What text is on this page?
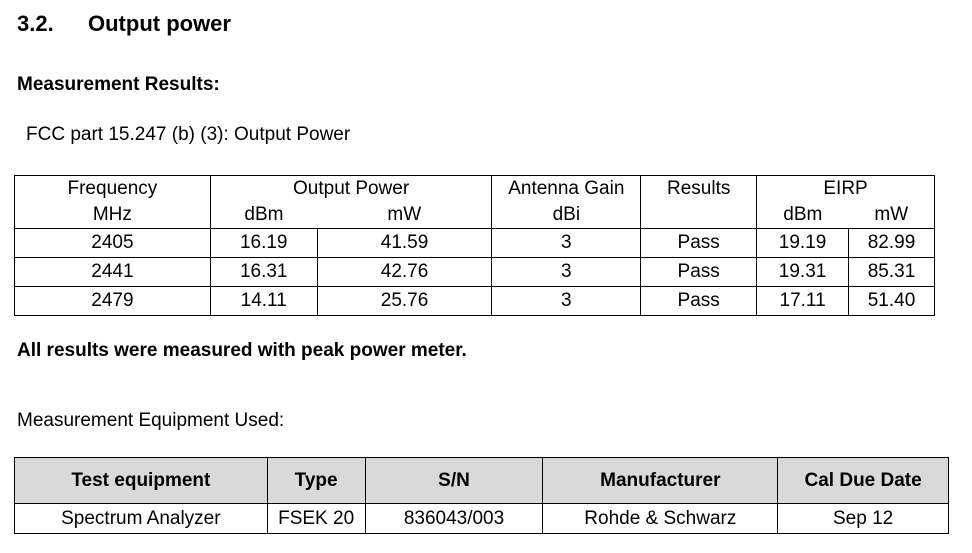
3.2. Output power
Measurement Results:
FCC part 15.247 (b) (3): Output Power
Frequency	Output Power		Antenna Gain	Results	EIRP	
MHz	dBm	mW	dBi		dBm	mW
2405	16.19	41.59	3	Pass	19.19	82.99
2441	16.31	42.76	3	Pass	19.31	85.31
2479	14.11	25.76	3	Pass	17.11	51.40
All results were measured with peak power meter.
Measurement Equipment Used:
Test equipment	Type	S/N	Manufacturer	Cal Due Date
Spectrum Analyzer	FSEK 20	836043/003	Rohde & Schwarz	Sep 12
